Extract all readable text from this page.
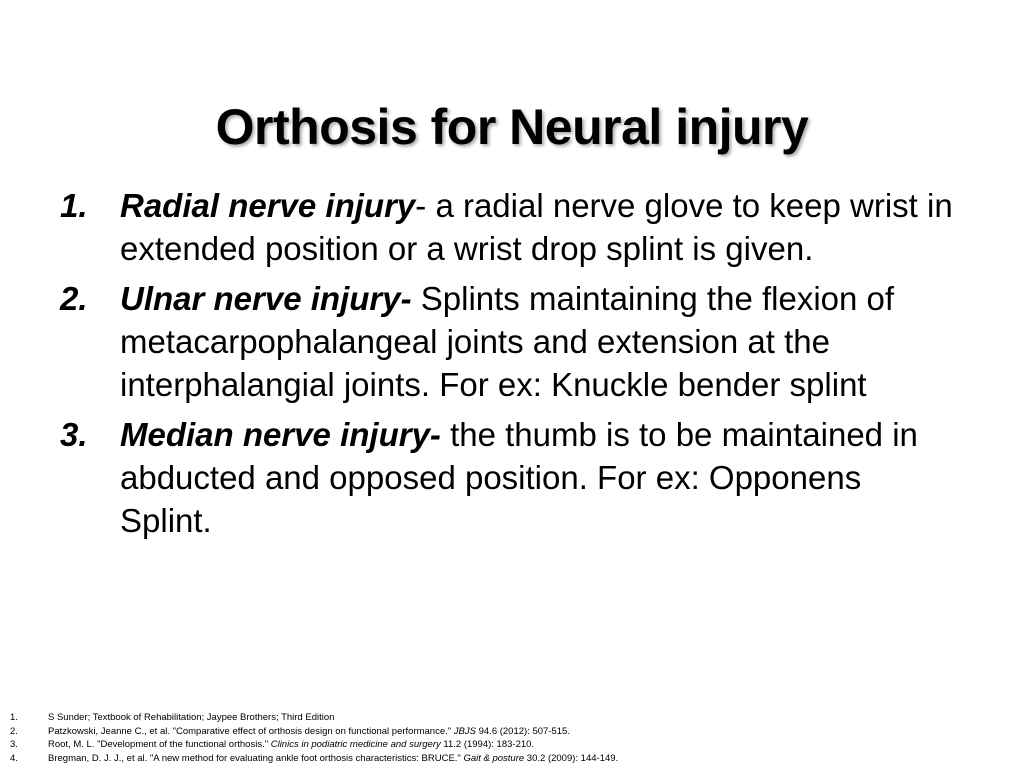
Orthosis for Neural injury
1. Radial nerve injury- a radial nerve glove to keep wrist in extended position or a wrist drop splint is given.
2. Ulnar nerve injury- Splints maintaining the flexion of metacarpophalangeal joints and extension at the interphalangial joints. For ex: Knuckle bender splint
3. Median nerve injury- the thumb is to be maintained in abducted and opposed position. For ex: Opponens Splint.
1.	S Sunder; Textbook of Rehabilitation; Jaypee Brothers; Third Edition
2.	Patzkowski, Jeanne C., et al. "Comparative effect of orthosis design on functional performance." JBJS 94.6 (2012): 507-515.
3.	Root, M. L. "Development of the functional orthosis." Clinics in podiatric medicine and surgery 11.2 (1994): 183-210.
4.	Bregman, D. J. J., et al. "A new method for evaluating ankle foot orthosis characteristics: BRUCE." Gait & posture 30.2 (2009): 144-149.
